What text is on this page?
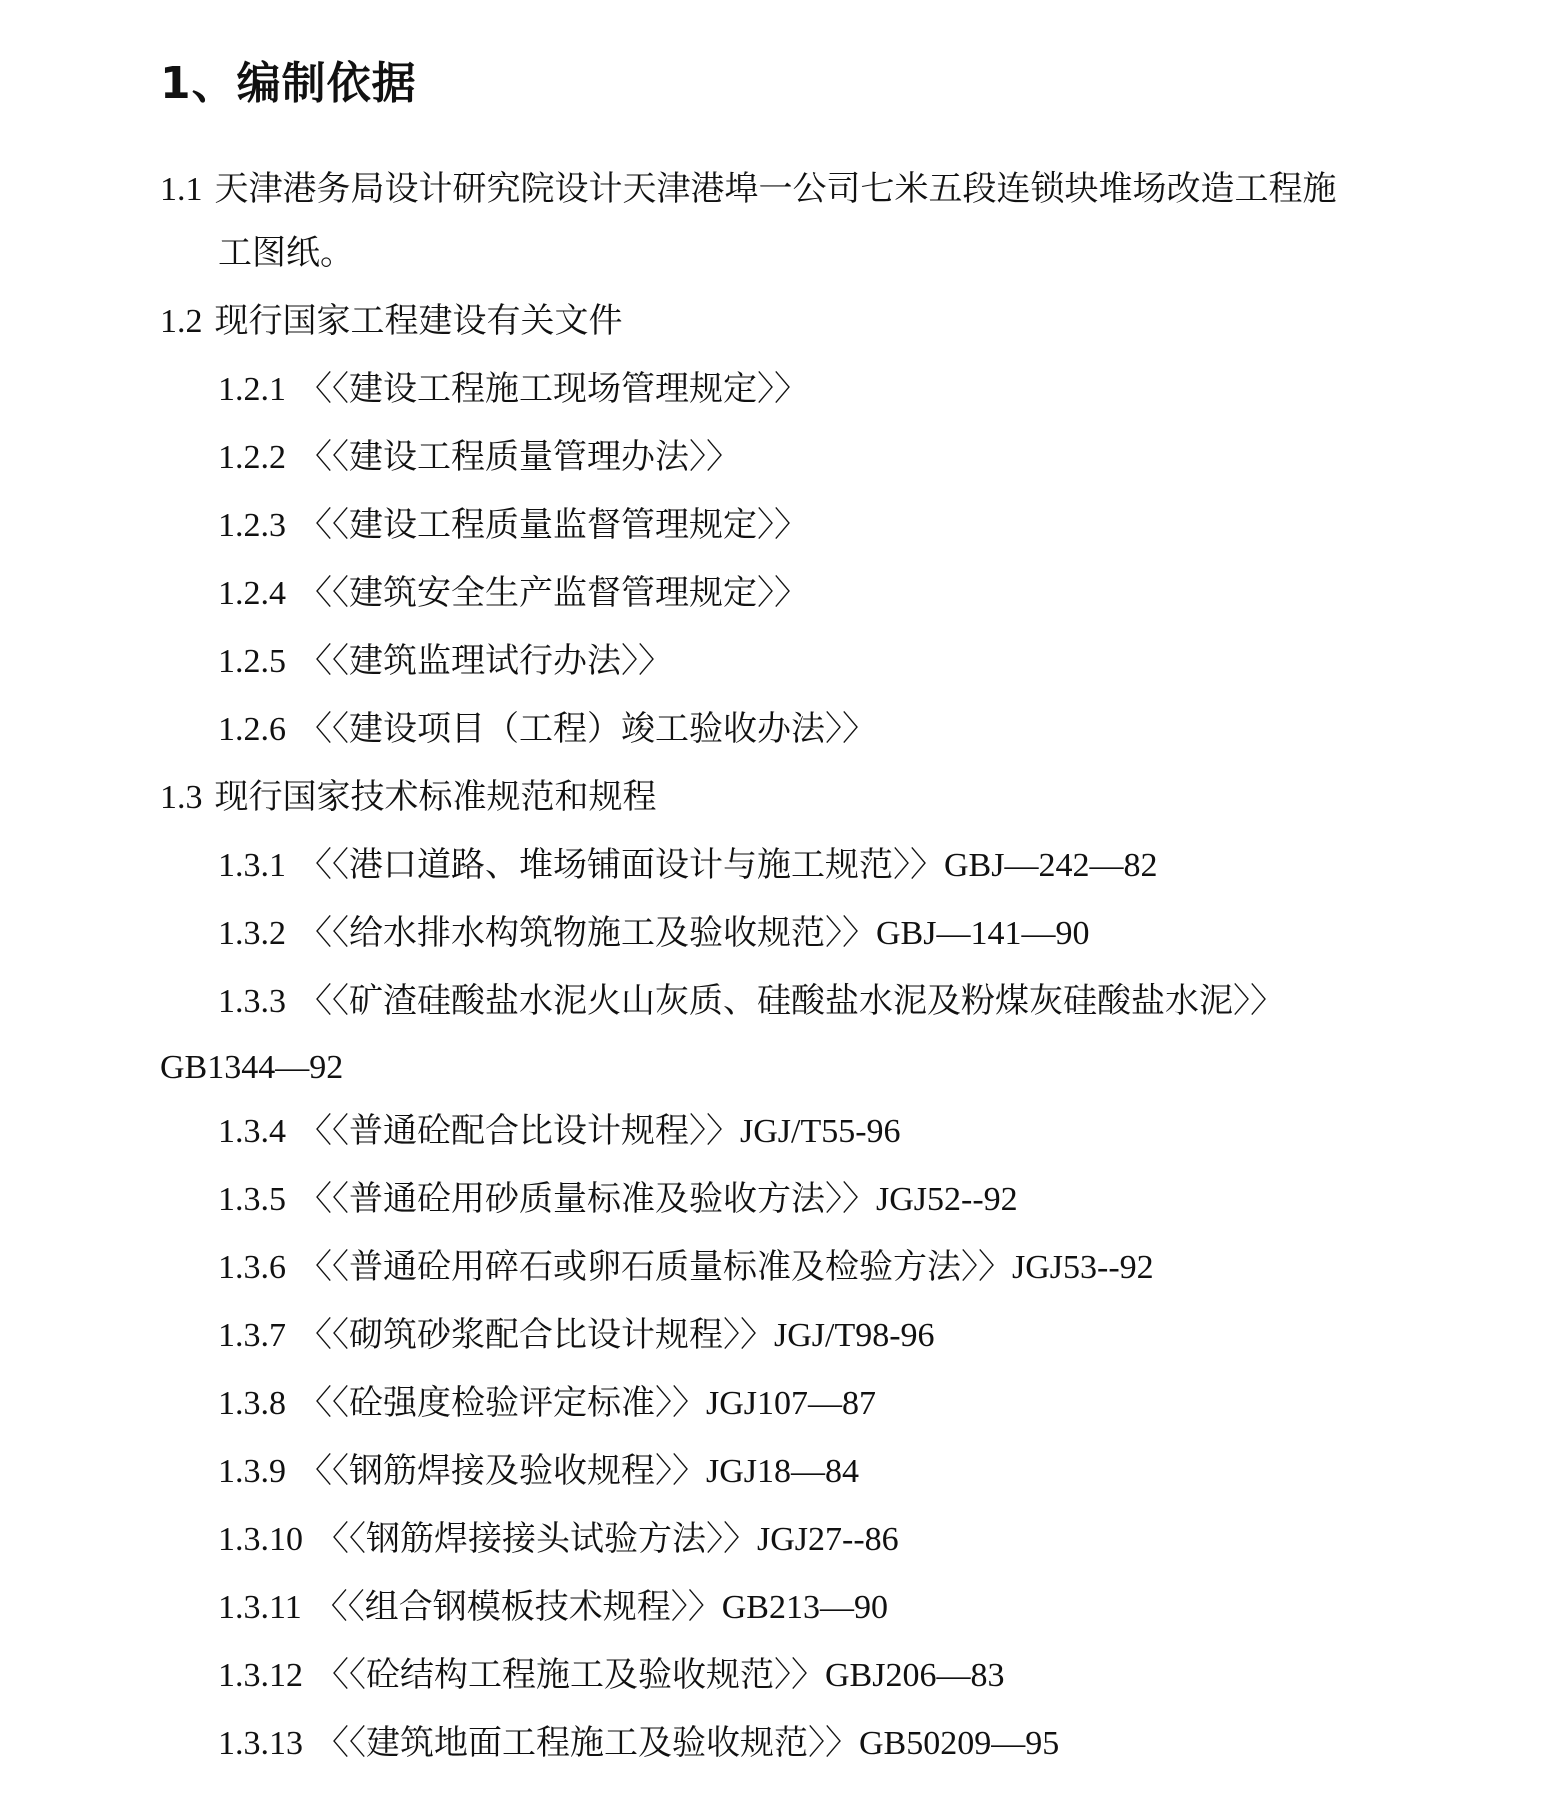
1、编制依据
1.1 天津港务局设计研究院设计天津港埠一公司七米五段连锁块堆场改造工程施
工图纸。
1.2 现行国家工程建设有关文件
1.2.1 〈〈建设工程施工现场管理规定〉〉
1.2.2 〈〈建设工程质量管理办法〉〉
1.2.3 〈〈建设工程质量监督管理规定〉〉
1.2.4 〈〈建筑安全生产监督管理规定〉〉
1.2.5 〈〈建筑监理试行办法〉〉
1.2.6 〈〈建设项目（工程）竣工验收办法〉〉
1.3 现行国家技术标准规范和规程
1.3.1 〈〈港口道路、堆场铺面设计与施工规范〉〉GBJ—242—82
1.3.2 〈〈给水排水构筑物施工及验收规范〉〉GBJ—141—90
1.3.3 〈〈矿渣硅酸盐水泥火山灰质、硅酸盐水泥及粉煤灰硅酸盐水泥〉〉
GB1344—92
1.3.4 〈〈普通砼配合比设计规程〉〉JGJ/T55-96
1.3.5 〈〈普通砼用砂质量标准及验收方法〉〉JGJ52--92
1.3.6 〈〈普通砼用碎石或卵石质量标准及检验方法〉〉JGJ53--92
1.3.7 〈〈砌筑砂浆配合比设计规程〉〉JGJ/T98-96
1.3.8 〈〈砼强度检验评定标准〉〉JGJ107—87
1.3.9 〈〈钢筋焊接及验收规程〉〉JGJ18—84
1.3.10 〈〈钢筋焊接接头试验方法〉〉JGJ27--86
1.3.11 〈〈组合钢模板技术规程〉〉GB213—90
1.3.12 〈〈砼结构工程施工及验收规范〉〉GBJ206—83
1.3.13 〈〈建筑地面工程施工及验收规范〉〉GB50209—95
